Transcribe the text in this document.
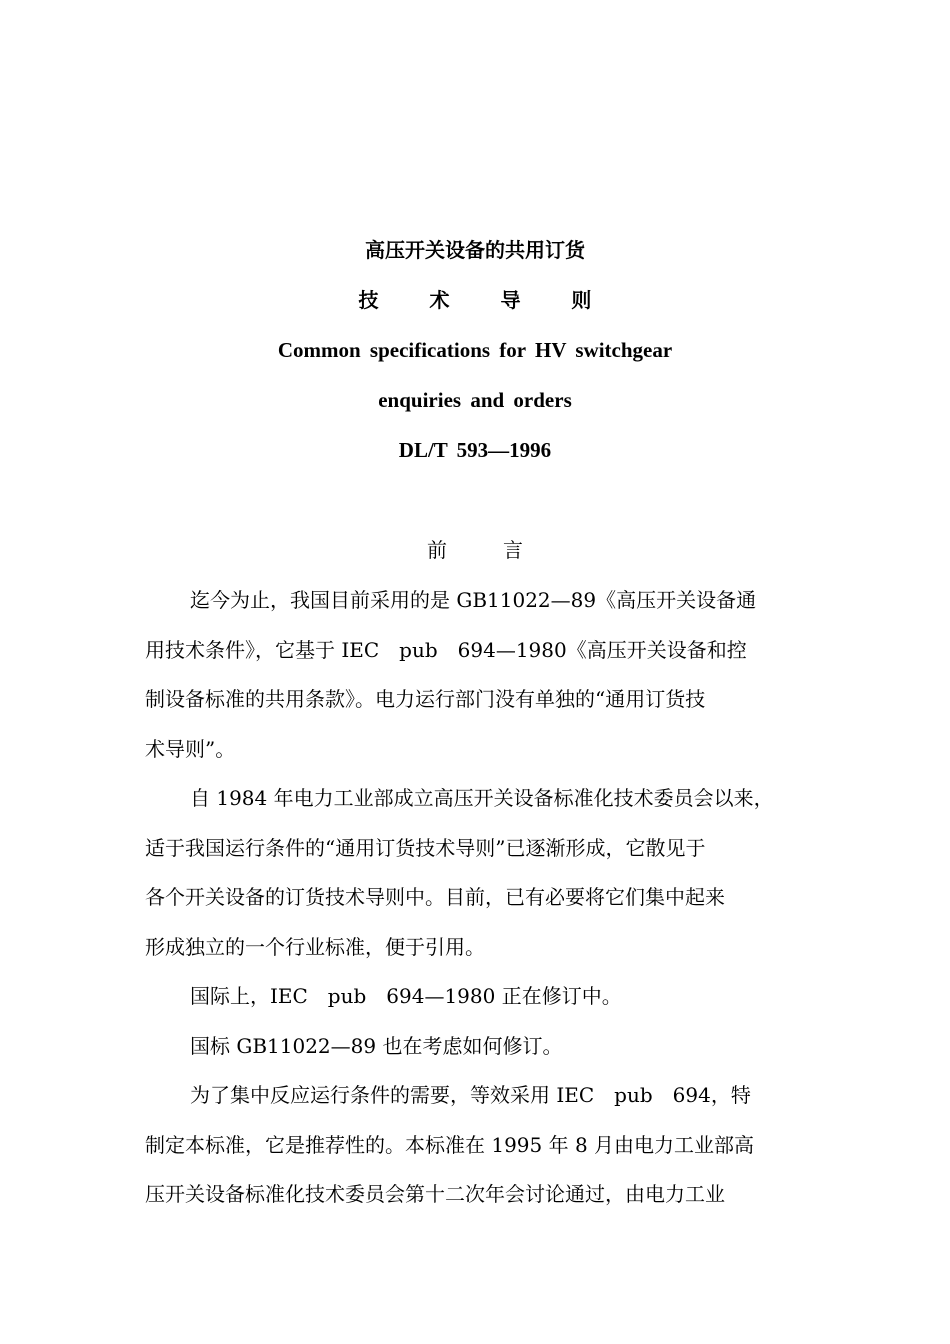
高压开关设备的共用订货
技 术 导 则
Common specifications for HV switchgear
enquiries and orders
DL/T 593—1996
前言
迄今为止，我国目前采用的是 GB11022—89《高压开关设备通
用技术条件》，它基于 IEC　pub　694—1980《高压开关设备和控
制设备标准的共用条款》。电力运行部门没有单独的“通用订货技
术导则”。
自 1984 年电力工业部成立高压开关设备标准化技术委员会以来，
适于我国运行条件的“通用订货技术导则”已逐渐形成，它散见于
各个开关设备的订货技术导则中。目前，已有必要将它们集中起来
形成独立的一个行业标准，便于引用。
国际上，IEC　pub　694—1980 正在修订中。
国标 GB11022—89 也在考虑如何修订。
为了集中反应运行条件的需要，等效采用 IEC　pub　694，特
制定本标准，它是推荐性的。本标准在 1995 年 8 月由电力工业部高
压开关设备标准化技术委员会第十二次年会讨论通过，由电力工业
